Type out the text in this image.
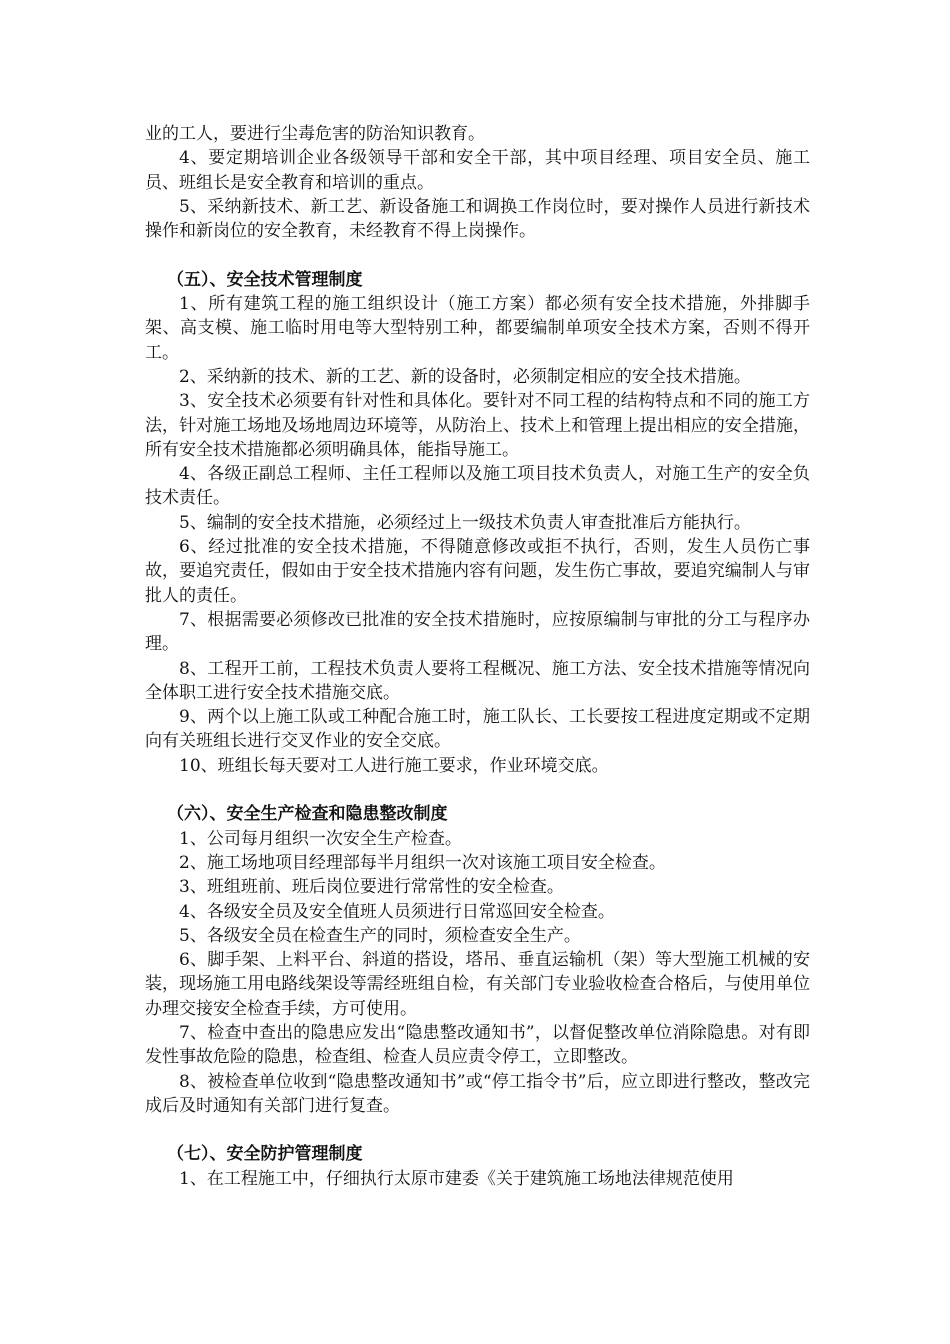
业的工人，要进行尘毒危害的防治知识教育。

4、要定期培训企业各级领导干部和安全干部，其中项目经理、项目安全员、施工员、班组长是安全教育和培训的重点。

5、采纳新技术、新工艺、新设备施工和调换工作岗位时，要对操作人员进行新技术操作和新岗位的安全教育，未经教育不得上岗操作。

（五）、安全技术管理制度

1、所有建筑工程的施工组织设计（施工方案）都必须有安全技术措施，外排脚手架、高支模、施工临时用电等大型特别工种，都要编制单项安全技术方案，否则不得开工。

2、采纳新的技术、新的工艺、新的设备时，必须制定相应的安全技术措施。

3、安全技术必须要有针对性和具体化。要针对不同工程的结构特点和不同的施工方法，针对施工场地及场地周边环境等，从防治上、技术上和管理上提出相应的安全措施，所有安全技术措施都必须明确具体，能指导施工。

4、各级正副总工程师、主任工程师以及施工项目技术负责人，对施工生产的安全负技术责任。

5、编制的安全技术措施，必须经过上一级技术负责人审查批准后方能执行。

6、经过批准的安全技术措施，不得随意修改或拒不执行，否则，发生人员伤亡事故，要追究责任，假如由于安全技术措施内容有问题，发生伤亡事故，要追究编制人与审批人的责任。

7、根据需要必须修改已批准的安全技术措施时，应按原编制与审批的分工与程序办理。

8、工程开工前，工程技术负责人要将工程概况、施工方法、安全技术措施等情况向全体职工进行安全技术措施交底。

9、两个以上施工队或工种配合施工时，施工队长、工长要按工程进度定期或不定期向有关班组长进行交叉作业的安全交底。

10、班组长每天要对工人进行施工要求，作业环境交底。

（六）、安全生产检查和隐患整改制度

1、公司每月组织一次安全生产检查。

2、施工场地项目经理部每半月组织一次对该施工项目安全检查。

3、班组班前、班后岗位要进行常常性的安全检查。

4、各级安全员及安全值班人员须进行日常巡回安全检查。

5、各级安全员在检查生产的同时，须检查安全生产。

6、脚手架、上料平台、斜道的搭设，塔吊、垂直运输机（架）等大型施工机械的安装，现场施工用电路线架设等需经班组自检，有关部门专业验收检查合格后，与使用单位办理交接安全检查手续，方可使用。

7、检查中查出的隐患应发出“隐患整改通知书”，以督促整改单位消除隐患。对有即发性事故危险的隐患，检查组、检查人员应责令停工，立即整改。

8、被检查单位收到“隐患整改通知书”或“停工指令书”后，应立即进行整改，整改完成后及时通知有关部门进行复查。

（七）、安全防护管理制度

1、在工程施工中，仔细执行太原市建委《关于建筑施工场地法律规范使用
